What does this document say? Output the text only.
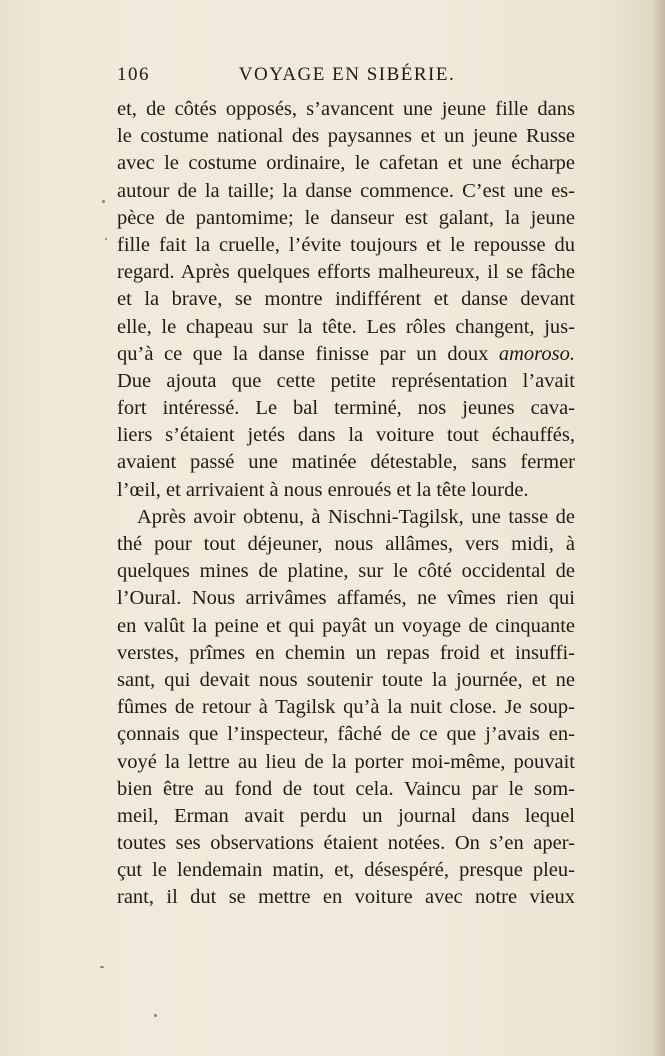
106	VOYAGE EN SIBÉRIE.
et, de côtés opposés, s’avancent une jeune fille dans
le costume national des paysannes et un jeune Russe
avec le costume ordinaire, le cafetan et une écharpe
autour de la taille; la danse commence. C’est une es-
pèce de pantomime; le danseur est galant, la jeune
fille fait la cruelle, l’évite toujours et le repousse du
regard. Après quelques efforts malheureux, il se fâche
et la brave, se montre indifférent et danse devant
elle, le chapeau sur la tête. Les rôles changent, jus-
qu’à ce que la danse finisse par un doux amoroso.
Due ajouta que cette petite représentation l’avait
fort intéressé. Le bal terminé, nos jeunes cava-
liers s’étaient jetés dans la voiture tout échauffés,
avaient passé une matinée détestable, sans fermer
l’œil, et arrivaient à nous enroués et la tête lourde.
Après avoir obtenu, à Nischni-Tagilsk, une tasse de
thé pour tout déjeuner, nous allâmes, vers midi, à
quelques mines de platine, sur le côté occidental de
l’Oural. Nous arrivâmes affamés, ne vîmes rien qui
en valût la peine et qui payât un voyage de cinquante
verstes, prîmes en chemin un repas froid et insuffi-
sant, qui devait nous soutenir toute la journée, et ne
fûmes de retour à Tagilsk qu’à la nuit close. Je soup-
çonnais que l’inspecteur, fâché de ce que j’avais en-
voyé la lettre au lieu de la porter moi-même, pouvait
bien être au fond de tout cela. Vaincu par le som-
meil, Erman avait perdu un journal dans lequel
toutes ses observations étaient notées. On s’en aper-
çut le lendemain matin, et, désespéré, presque pleu-
rant, il dut se mettre en voiture avec notre vieux
